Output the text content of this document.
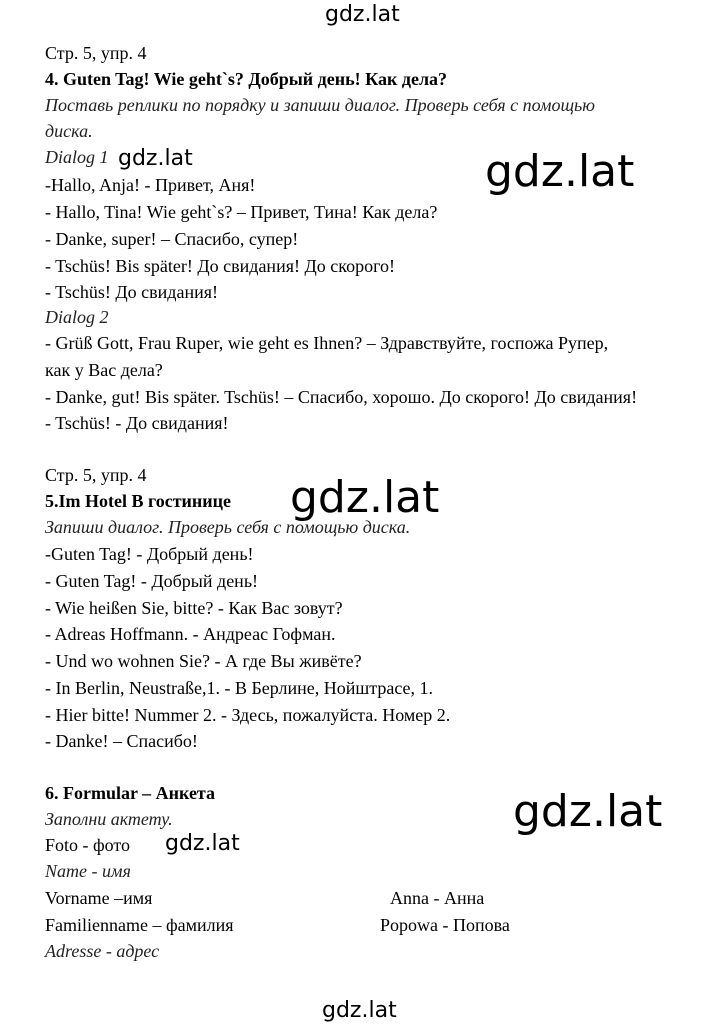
gdz.lat
gdz.lat
gdz.lat
gdz.lat
gdz.lat
Стр. 5, упр. 4
4. Guten Tag! Wie geht`s? Добрый день! Как дела?
Поставь реплики по порядку и запиши диалог. Проверь себя с помощью
диска.
Dialog 1 gdz.lat
-Hallo, Anja! - Привет, Аня!
- Hallo, Tina! Wie geht`s? – Привет, Тина! Как дела?
- Danke, super! – Спасибо, супер!
- Tschüs! Bis später! До свидания! До скорого!
- Tschüs! До свидания!
Dialog 2
- Grüß Gott, Frau Ruper, wie geht es Ihnen? – Здравствуйте, госпожа Рупер,
как у Вас дела?
- Danke, gut! Bis später. Tschüs! – Спасибо, хорошо. До скорого! До свидания!
- Tschüs! - До свидания!
Стр. 5, упр. 4
5.Im Hotel В гостинице
Запиши диалог. Проверь себя с помощью диска.
-Guten Tag! - Добрый день!
- Guten Tag! - Добрый день!
- Wie heißen Sie, bitte? - Как Вас зовут?
- Adreas Hoffmann. - Андреас Гофман.
- Und wo wohnen Sie? - А где Вы живёте?
- In Berlin, Neustraße,1. - В Берлине, Нойштрасе, 1.
- Hier bitte! Nummer 2. - Здесь, пожалуйста. Номер 2.
- Danke! – Спасибо!
6. Formular – Анкета
Заполни актету.
Foto - фото gdz.lat
Name - имя
Vorname –имя	Anna - Анна
Familienname – фамилия	Popowa - Попова
Adresse - адрес
